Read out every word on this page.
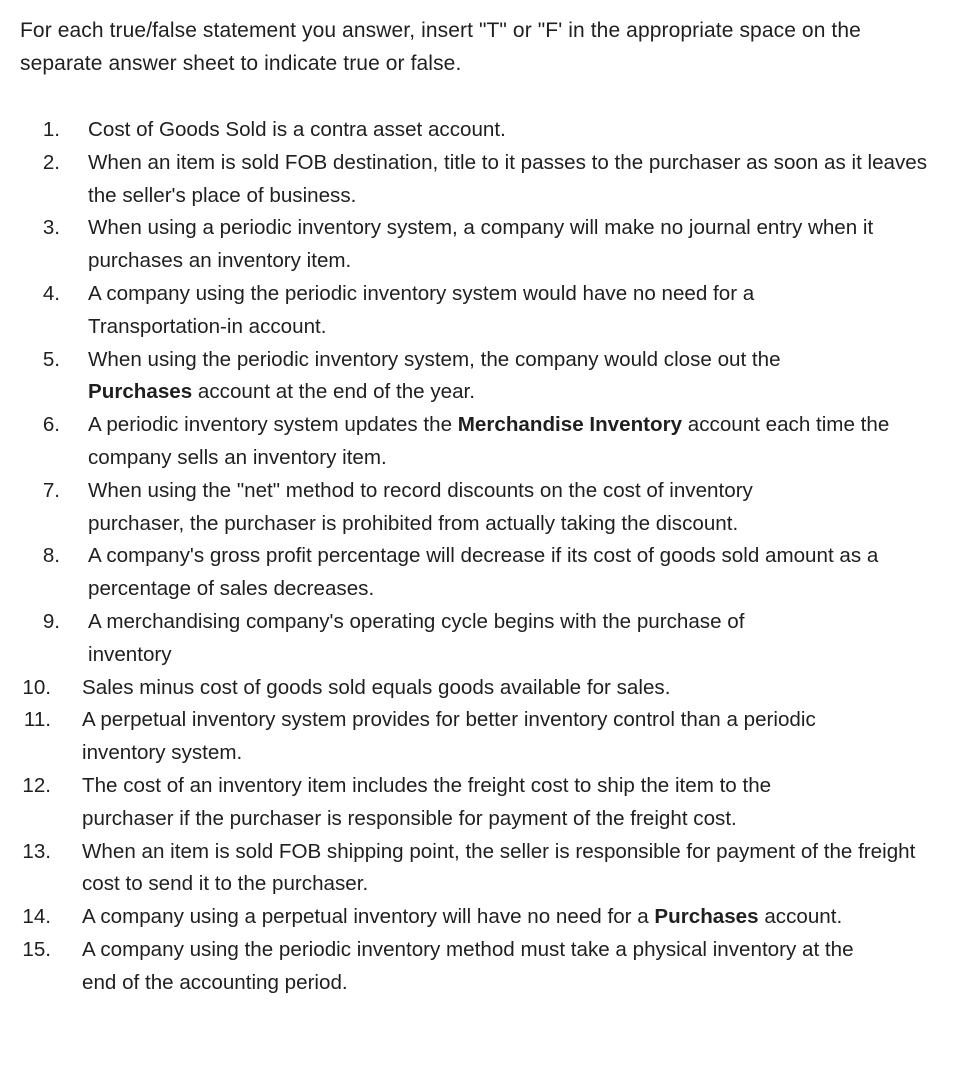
For each true/false statement you answer, insert "T" or "F' in the appropriate space on the separate answer sheet to indicate true or false.
1. Cost of Goods Sold is a contra asset account.
2. When an item is sold FOB destination, title to it passes to the purchaser as soon as it leaves the seller's place of business.
3. When using a periodic inventory system, a company will make no journal entry when it purchases an inventory item.
4. A company using the periodic inventory system would have no need for a Transportation-in account.
5. When using the periodic inventory system, the company would close out the Purchases account at the end of the year.
6. A periodic inventory system updates the Merchandise Inventory account each time the company sells an inventory item.
7. When using the "net" method to record discounts on the cost of inventory purchaser, the purchaser is prohibited from actually taking the discount.
8. A company's gross profit percentage will decrease if its cost of goods sold amount as a percentage of sales decreases.
9. A merchandising company's operating cycle begins with the purchase of inventory
10. Sales minus cost of goods sold equals goods available for sales.
11. A perpetual inventory system provides for better inventory control than a periodic inventory system.
12. The cost of an inventory item includes the freight cost to ship the item to the purchaser if the purchaser is responsible for payment of the freight cost.
13. When an item is sold FOB shipping point, the seller is responsible for payment of the freight cost to send it to the purchaser.
14. A company using a perpetual inventory will have no need for a Purchases account.
15. A company using the periodic inventory method must take a physical inventory at the end of the accounting period.
